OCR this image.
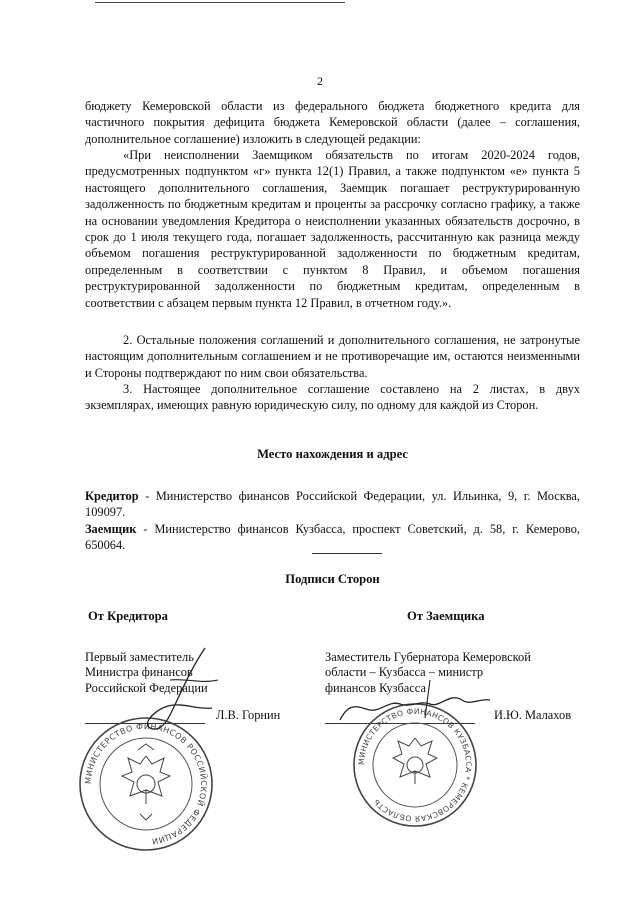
2

бюджету Кемеровской области из федерального бюджета бюджетного кредита для частичного покрытия дефицита бюджета Кемеровской области (далее – соглашения, дополнительное соглашение) изложить в следующей редакции:

«При неисполнении Заемщиком обязательств по итогам 2020-2024 годов, предусмотренных подпунктом «г» пункта 12(1) Правил, а также подпунктом «е» пункта 5 настоящего дополнительного соглашения, Заемщик погашает реструктурированную задолженность по бюджетным кредитам и проценты за рассрочку согласно графику, а также на основании уведомления Кредитора о неисполнении указанных обязательств досрочно, в срок до 1 июля текущего года, погашает задолженность, рассчитанную как разница между объемом погашения реструктурированной задолженности по бюджетным кредитам, определенным в соответствии с пунктом 8 Правил, и объемом погашения реструктурированной задолженности по бюджетным кредитам, определенным в соответствии с абзацем первым пункта 12 Правил, в отчетном году.».

2. Остальные положения соглашений и дополнительного соглашения, не затронутые настоящим дополнительным соглашением и не противоречащие им, остаются неизменными и Стороны подтверждают по ним свои обязательства.

3. Настоящее дополнительное соглашение составлено на 2 листах, в двух экземплярах, имеющих равную юридическую силу, по одному для каждой из Сторон.

Место нахождения и адрес
Кредитор - Министерство финансов Российской Федерации, ул. Ильинка, 9, г. Москва, 109097.
Заемщик - Министерство финансов Кузбасса, проспект Советский, д. 58, г. Кемерово, 650064.
Подписи Сторон
От Кредитора	От Заемщика
Первый заместитель
Министра финансов
Российской Федерации
Л.В. Горнин
МИНИСТЕРСТВО ФИНАНСОВ РОССИЙСКОЙ ФЕДЕРАЦИИ
Заместитель Губернатора Кемеровской
области – Кузбасса – министр
финансов Кузбасса
И.Ю. Малахов
МИНИСТЕРСТВО ФИНАНСОВ КУЗБАССА * КЕМЕРОВСКАЯ ОБЛАСТЬ
